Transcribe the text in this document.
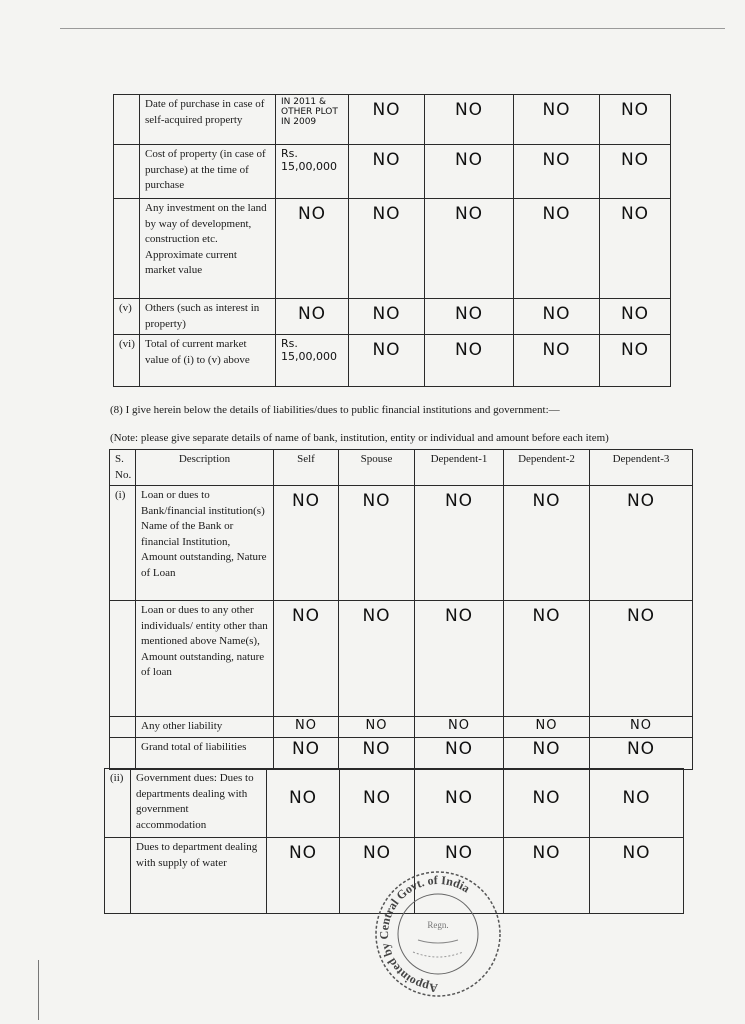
	Date of purchase in case of self-acquired property	IN 2011 & OTHER PLOT IN 2009	NO	NO	NO	NO
	Cost of property (in case of purchase) at the time of purchase	Rs. 15,00,000	NO	NO	NO	NO
	Any investment on the land by way of development, construction etc. Approximate current market value	NO	NO	NO	NO	NO
(v)	Others (such as interest in property)	NO	NO	NO	NO	NO
(vi)	Total of current market value of (i) to (v) above	Rs. 15,00,000	NO	NO	NO	NO
(8) I give herein below the details of liabilities/dues to public financial institutions and government:—
(Note: please give separate details of name of bank, institution, entity or individual and amount before each item)
S. No.	Description	Self	Spouse	Dependent-1	Dependent-2	Dependent-3
(i)	Loan or dues to Bank/financial institution(s) Name of the Bank or financial Institution, Amount outstanding, Nature of Loan	NO	NO	NO	NO	NO
	Loan or dues to any other individuals/ entity other than mentioned above Name(s), Amount outstanding, nature of loan	NO	NO	NO	NO	NO
	Any other liability	NO	NO	NO	NO	NO
	Grand total of liabilities	NO	NO	NO	NO	NO
(ii)	Government dues: Dues to departments dealing with government accommodation	NO	NO	NO	NO	NO
	Dues to department dealing with supply of water	NO	NO	NO	NO	NO
Appointed by Central Govt. of India
Regn.
